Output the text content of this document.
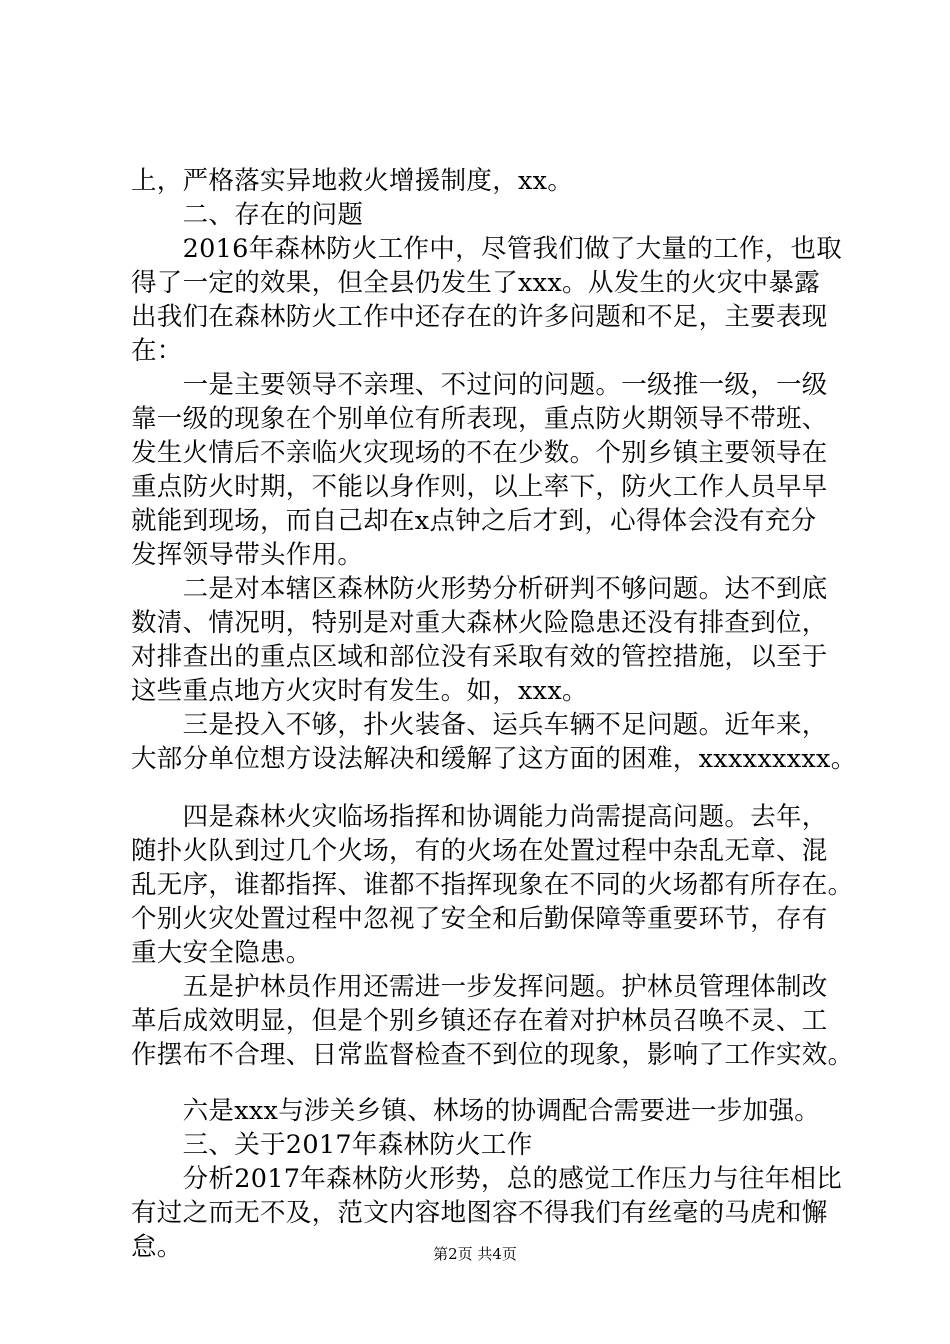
上，严格落实异地救火增援制度，xx。
　　二、存在的问题
　　2016年森林防火工作中，尽管我们做了大量的工作，也取
得了一定的效果，但全县仍发生了xxx。从发生的火灾中暴露
出我们在森林防火工作中还存在的许多问题和不足，主要表现
在：
　　一是主要领导不亲理、不过问的问题。一级推一级，一级
靠一级的现象在个别单位有所表现，重点防火期领导不带班、
发生火情后不亲临火灾现场的不在少数。个别乡镇主要领导在
重点防火时期，不能以身作则，以上率下，防火工作人员早早
就能到现场，而自己却在x点钟之后才到，心得体会没有充分
发挥领导带头作用。
　　二是对本辖区森林防火形势分析研判不够问题。达不到底
数清、情况明，特别是对重大森林火险隐患还没有排查到位，
对排查出的重点区域和部位没有采取有效的管控措施，以至于
这些重点地方火灾时有发生。如，xxx。
　　三是投入不够，扑火装备、运兵车辆不足问题。近年来，
大部分单位想方设法解决和缓解了这方面的困难，xxxxxxxxx。
　　四是森林火灾临场指挥和协调能力尚需提高问题。去年，
随扑火队到过几个火场，有的火场在处置过程中杂乱无章、混
乱无序，谁都指挥、谁都不指挥现象在不同的火场都有所存在。
个别火灾处置过程中忽视了安全和后勤保障等重要环节，存有
重大安全隐患。
　　五是护林员作用还需进一步发挥问题。护林员管理体制改
革后成效明显，但是个别乡镇还存在着对护林员召唤不灵、工
作摆布不合理、日常监督检查不到位的现象，影响了工作实效。
　　六是xxx与涉关乡镇、林场的协调配合需要进一步加强。
　　三、关于2017年森林防火工作
　　分析2017年森林防火形势，总的感觉工作压力与往年相比
有过之而无不及，范文内容地图容不得我们有丝毫的马虎和懈
怠。	第2页 共4页
